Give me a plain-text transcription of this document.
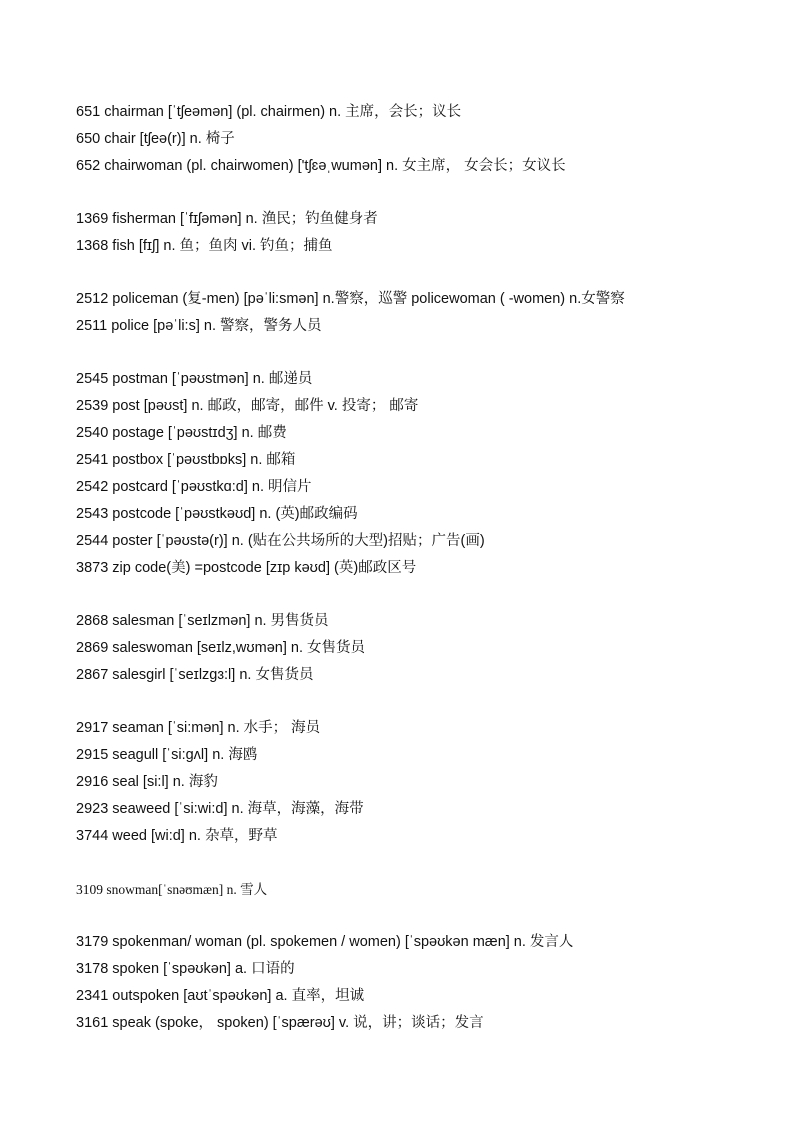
651 chairman [ˈtʃeəmən] (pl. chairmen) n. 主席，会长；议长
650 chair [tʃeə(r)] n. 椅子
652 chairwoman (pl. chairwomen) ['tʃɛəˌwumən] n. 女主席， 女会长；女议长
1369 fisherman [ˈfɪʃəmən] n. 渔民；钓鱼健身者
1368 fish [fɪʃ] n. 鱼；鱼肉 vi. 钓鱼；捕鱼
2512 policeman (复-men) [pəˈli:smən] n.警察，巡警 policewoman ( -women) n.女警察
2511 police [pəˈli:s] n. 警察，警务人员
2545 postman [ˈpəʊstmən] n. 邮递员
2539 post [pəʊst] n. 邮政，邮寄，邮件 v. 投寄； 邮寄
2540 postage [ˈpəʊstɪdʒ] n. 邮费
2541 postbox [ˈpəʊstbɒks] n. 邮箱
2542 postcard [ˈpəʊstkɑ:d] n. 明信片
2543 postcode [ˈpəʊstkəʊd] n. (英)邮政编码
2544 poster [ˈpəʊstə(r)] n. (贴在公共场所的大型)招贴；广告(画)
3873 zip code(美) =postcode [zɪp kəʊd] (英)邮政区号
2868 salesman [ˈseɪlzmən] n. 男售货员
2869 saleswoman [seɪlz,wʊmən] n. 女售货员
2867 salesgirl [ˈseɪlzgɜ:l] n. 女售货员
2917 seaman [ˈsi:mən] n. 水手； 海员
2915 seagull [ˈsi:gʌl] n. 海鸥
2916 seal [si:l] n. 海豹
2923 seaweed [ˈsi:wi:d] n. 海草，海藻，海带
3744 weed [wi:d] n. 杂草，野草
3109 snowman[ˈsnəʊmæn] n. 雪人
3179 spokenman/ woman (pl. spokemen / women) [ˈspəʊkən mæn] n. 发言人
3178 spoken [ˈspəʊkən] a. 口语的
2341 outspoken [aʊtˈspəʊkən] a. 直率，坦诚
3161 speak (spoke， spoken) [ˈspærəʊ] v. 说，讲；谈话；发言
